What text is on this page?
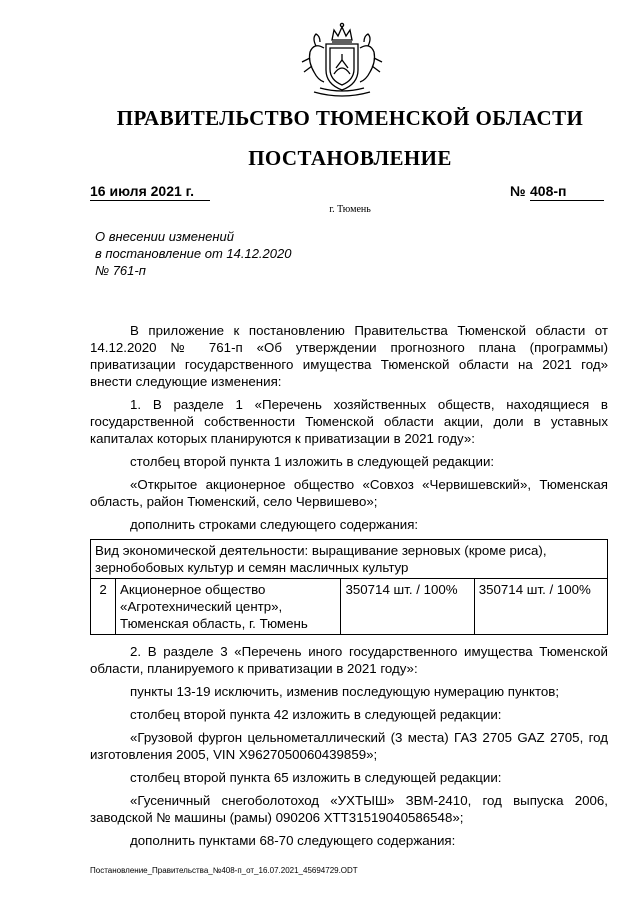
ПРАВИТЕЛЬСТВО ТЮМЕНСКОЙ ОБЛАСТИ
ПОСТАНОВЛЕНИЕ
16 июля 2021 г.	№ 408-п
г. Тюмень
О внесении изменений
в постановление от 14.12.2020
№ 761-п

В приложение к постановлению Правительства Тюменской области от 14.12.2020 № 761-п «Об утверждении прогнозного плана (программы) приватизации государственного имущества Тюменской области на 2021 год» внести следующие изменения:

1. В разделе 1 «Перечень хозяйственных обществ, находящиеся в государственной собственности Тюменской области акции, доли в уставных капиталах которых планируются к приватизации в 2021 году»:

столбец второй пункта 1 изложить в следующей редакции:

«Открытое акционерное общество «Совхоз «Червишевский», Тюменская область, район Тюменский, село Червишево»;

дополнить строками следующего содержания:

Вид экономической деятельности: выращивание зерновых (кроме риса), зернобобовых культур и семян масличных культур
2	Акционерное общество «Агротехнический центр», Тюменская область, г. Тюмень	350714 шт. / 100%	350714 шт. / 100%

2. В разделе 3 «Перечень иного государственного имущества Тюменской области, планируемого к приватизации в 2021 году»:

пункты 13-19 исключить, изменив последующую нумерацию пунктов;

столбец второй пункта 42 изложить в следующей редакции:

«Грузовой фургон цельнометаллический (3 места) ГАЗ 2705 GAZ 2705, год изготовления 2005, VIN X9627050060439859»;

столбец второй пункта 65 изложить в следующей редакции:

«Гусеничный снегоболотоход «УХТЫШ» ЗВМ-2410, год выпуска 2006, заводской № машины (рамы) 090206 ХТТ31519040586548»;

дополнить пунктами 68-70 следующего содержания:

Постановление_Правительства_№408-п_от_16.07.2021_45694729.ODT
